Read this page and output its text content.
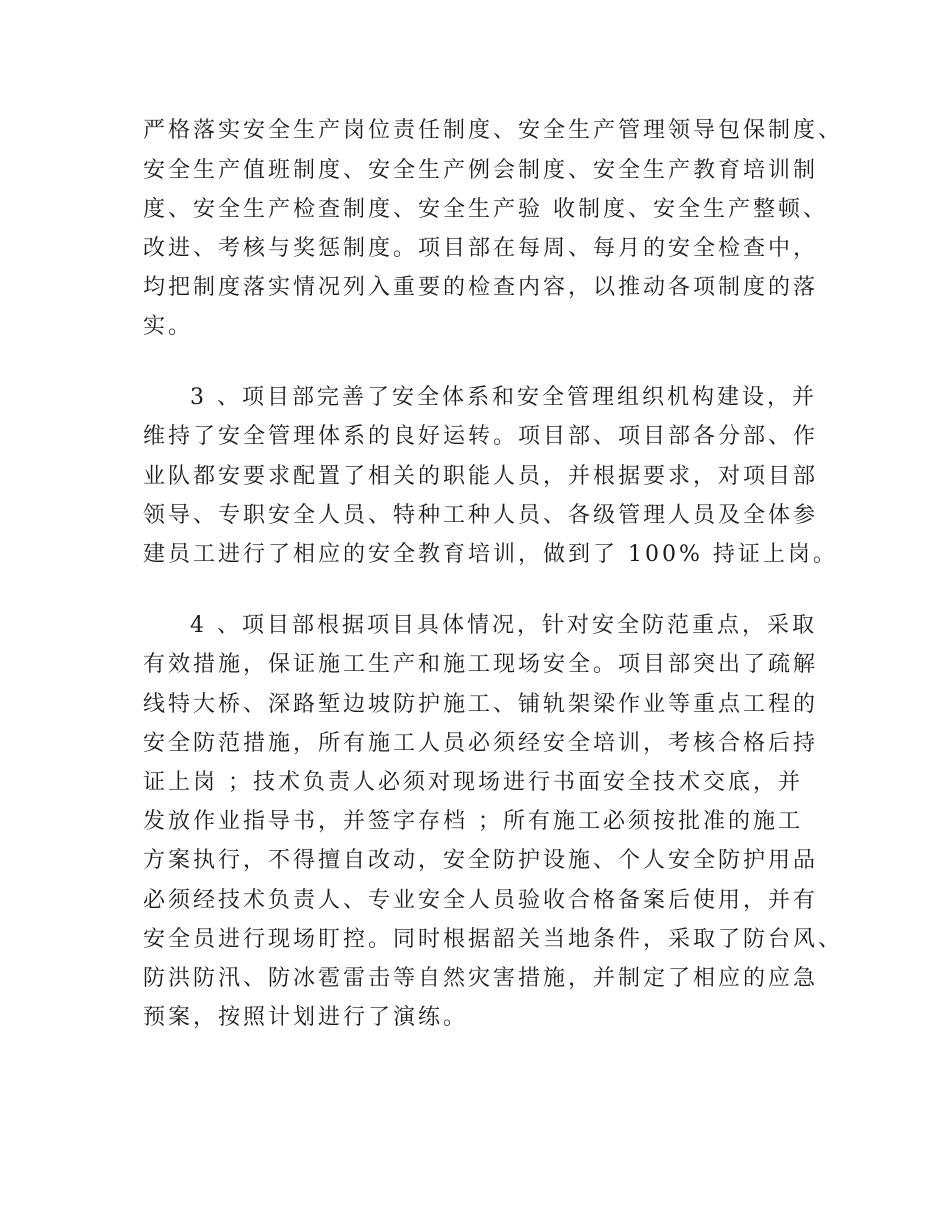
严格落实安全生产岗位责任制度、安全生产管理领导包保制度、
安全生产值班制度、安全生产例会制度、安全生产教育培训制
度、安全生产检查制度、安全生产验 收制度、安全生产整顿、
改进、考核与奖惩制度。项目部在每周、每月的安全检查中，
均把制度落实情况列入重要的检查内容，以推动各项制度的落
实。
3 、项目部完善了安全体系和安全管理组织机构建设，并
维持了安全管理体系的良好运转。项目部、项目部各分部、作
业队都安要求配置了相关的职能人员，并根据要求，对项目部
领导、专职安全人员、特种工种人员、各级管理人员及全体参
建员工进行了相应的安全教育培训，做到了 100% 持证上岗。
4 、项目部根据项目具体情况，针对安全防范重点，采取
有效措施，保证施工生产和施工现场安全。项目部突出了疏解
线特大桥、深路堑边坡防护施工、铺轨架梁作业等重点工程的
安全防范措施，所有施工人员必须经安全培训，考核合格后持
证上岗 ；技术负责人必须对现场进行书面安全技术交底，并
发放作业指导书，并签字存档 ；所有施工必须按批准的施工
方案执行，不得擅自改动，安全防护设施、个人安全防护用品
必须经技术负责人、专业安全人员验收合格备案后使用，并有
安全员进行现场盯控。同时根据韶关当地条件，采取了防台风、
防洪防汛、防冰雹雷击等自然灾害措施，并制定了相应的应急
预案，按照计划进行了演练。
